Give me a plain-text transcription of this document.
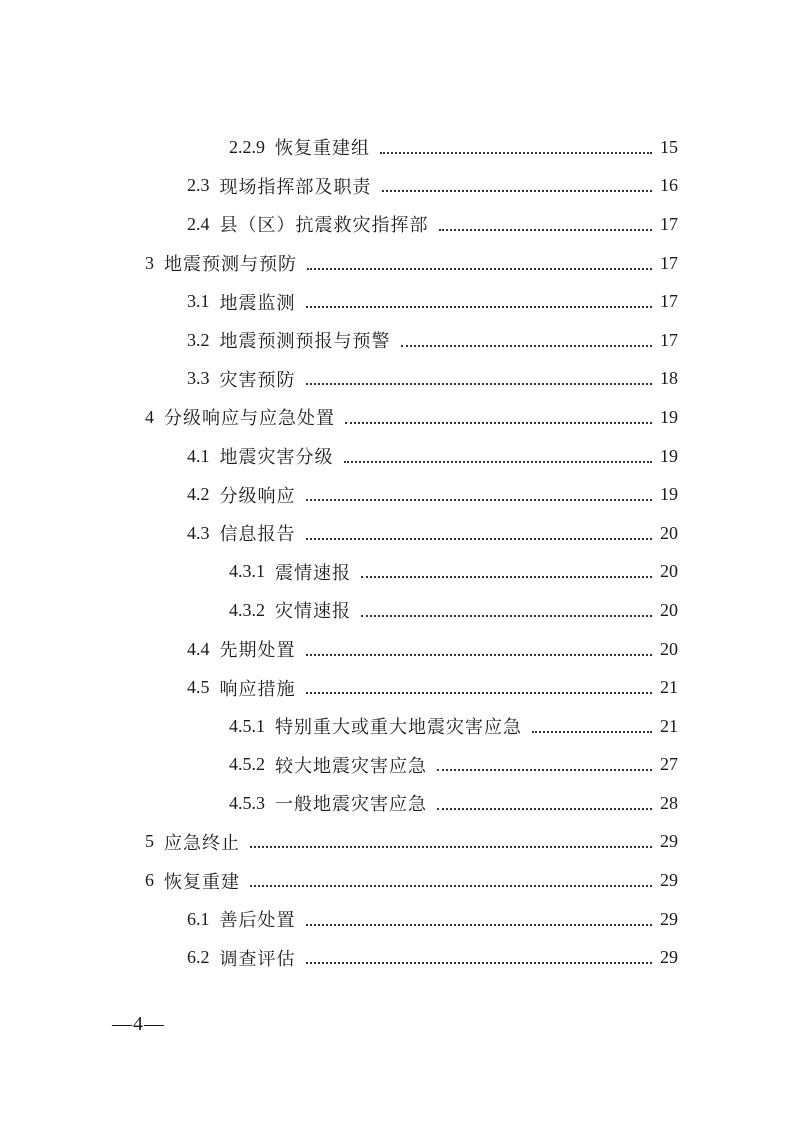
2.2.9 恢复重建组	15
2.3 现场指挥部及职责	16
2.4 县（区）抗震救灾指挥部	17
3 地震预测与预防	17
3.1 地震监测	17
3.2 地震预测预报与预警	17
3.3 灾害预防	18
4 分级响应与应急处置	19
4.1 地震灾害分级	19
4.2 分级响应	19
4.3 信息报告	20
4.3.1 震情速报	20
4.3.2 灾情速报	20
4.4 先期处置	20
4.5 响应措施	21
4.5.1 特别重大或重大地震灾害应急	21
4.5.2 较大地震灾害应急	27
4.5.3 一般地震灾害应急	28
5 应急终止	29
6 恢复重建	29
6.1 善后处置	29
6.2 调查评估	29
—4—
